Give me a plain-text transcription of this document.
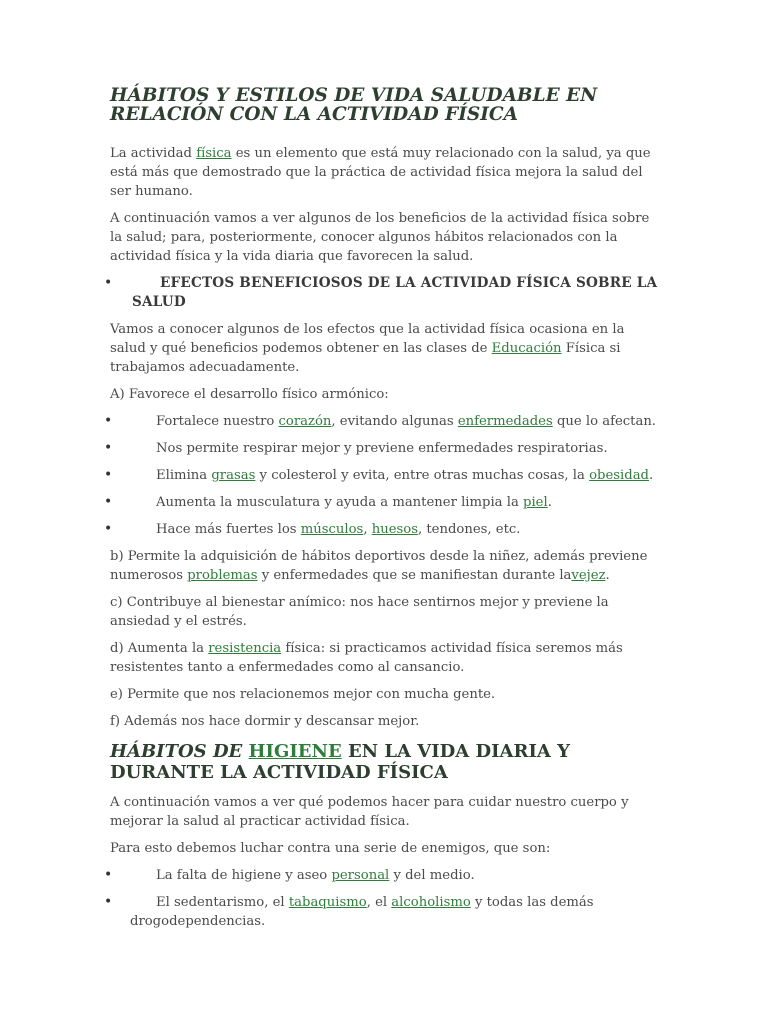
HÁBITOS Y ESTILOS DE VIDA SALUDABLE EN RELACIÓN CON LA ACTIVIDAD FÍSICA

La actividad física es un elemento que está muy relacionado con la salud, ya que está más que demostrado que la práctica de actividad física mejora la salud del ser humano.

A continuación vamos a ver algunos de los beneficios de la actividad física sobre la salud; para, posteriormente, conocer algunos hábitos relacionados con la actividad física y la vida diaria que favorecen la salud.

• EFECTOS BENEFICIOSOS DE LA ACTIVIDAD FÍSICA SOBRE LA SALUD

Vamos a conocer algunos de los efectos que la actividad física ocasiona en la salud y qué beneficios podemos obtener en las clases de Educación Física si trabajamos adecuadamente.

A) Favorece el desarrollo físico armónico:

• Fortalece nuestro corazón, evitando algunas enfermedades que lo afectan.
• Nos permite respirar mejor y previene enfermedades respiratorias.
• Elimina grasas y colesterol y evita, entre otras muchas cosas, la obesidad.
• Aumenta la musculatura y ayuda a mantener limpia la piel.
• Hace más fuertes los músculos, huesos, tendones, etc.

b) Permite la adquisición de hábitos deportivos desde la niñez, además previene numerosos problemas y enfermedades que se manifiestan durante lavejez.

c) Contribuye al bienestar anímico: nos hace sentirnos mejor y previene la ansiedad y el estrés.

d) Aumenta la resistencia física: si practicamos actividad física seremos más resistentes tanto a enfermedades como al cansancio.

e) Permite que nos relacionemos mejor con mucha gente.

f) Además nos hace dormir y descansar mejor.

HÁBITOS DE HIGIENE EN LA VIDA DIARIA Y DURANTE LA ACTIVIDAD FÍSICA

A continuación vamos a ver qué podemos hacer para cuidar nuestro cuerpo y mejorar la salud al practicar actividad física.

Para esto debemos luchar contra una serie de enemigos, que son:

• La falta de higiene y aseo personal y del medio.
• El sedentarismo, el tabaquismo, el alcoholismo y todas las demás
drogodependencias.
